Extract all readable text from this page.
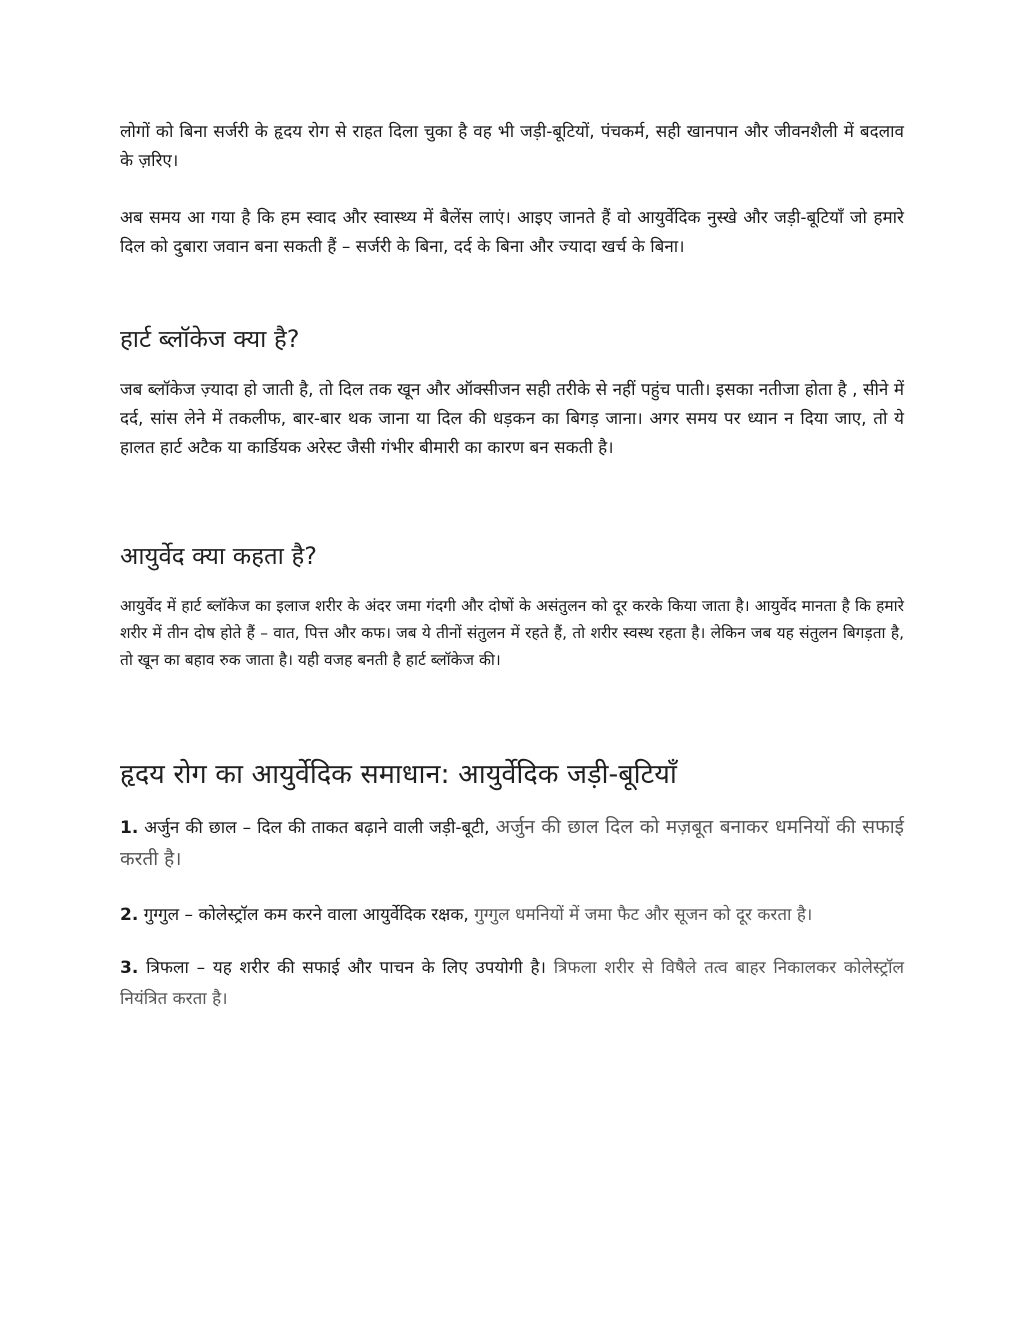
लोगों को बिना सर्जरी के हृदय रोग से राहत दिला चुका है वह भी जड़ी-बूटियों, पंचकर्म, सही खानपान और जीवनशैली में बदलाव के ज़रिए।

अब समय आ गया है कि हम स्वाद और स्वास्थ्य में बैलेंस लाएं। आइए जानते हैं वो आयुर्वेदिक नुस्खे और जड़ी-बूटियाँ जो हमारे दिल को दुबारा जवान बना सकती हैं – सर्जरी के बिना, दर्द के बिना और ज्यादा खर्च के बिना।

हार्ट ब्लॉकेज क्या है?

जब ब्लॉकेज ज़्यादा हो जाती है, तो दिल तक खून और ऑक्सीजन सही तरीके से नहीं पहुंच पाती। इसका नतीजा होता है , सीने में दर्द, सांस लेने में तकलीफ, बार-बार थक जाना या दिल की धड़कन का बिगड़ जाना। अगर समय पर ध्यान न दिया जाए, तो ये हालत हार्ट अटैक या कार्डियक अरेस्ट जैसी गंभीर बीमारी का कारण बन सकती है।

आयुर्वेद क्या कहता है?

आयुर्वेद में हार्ट ब्लॉकेज का इलाज शरीर के अंदर जमा गंदगी और दोषों के असंतुलन को दूर करके किया जाता है। आयुर्वेद मानता है कि हमारे शरीर में तीन दोष होते हैं – वात, पित्त और कफ। जब ये तीनों संतुलन में रहते हैं, तो शरीर स्वस्थ रहता है। लेकिन जब यह संतुलन बिगड़ता है, तो खून का बहाव रुक जाता है। यही वजह बनती है हार्ट ब्लॉकेज की।

हृदय रोग का आयुर्वेदिक समाधान: आयुर्वेदिक जड़ी-बूटियाँ

1. अर्जुन की छाल – दिल की ताकत बढ़ाने वाली जड़ी-बूटी, अर्जुन की छाल दिल को मज़बूत बनाकर धमनियों की सफाई करती है।

2. गुग्गुल – कोलेस्ट्रॉल कम करने वाला आयुर्वेदिक रक्षक, गुग्गुल धमनियों में जमा फैट और सूजन को दूर करता है।

3. त्रिफला – यह शरीर की सफाई और पाचन के लिए उपयोगी है। त्रिफला शरीर से विषैले तत्व बाहर निकालकर कोलेस्ट्रॉल नियंत्रित करता है।
